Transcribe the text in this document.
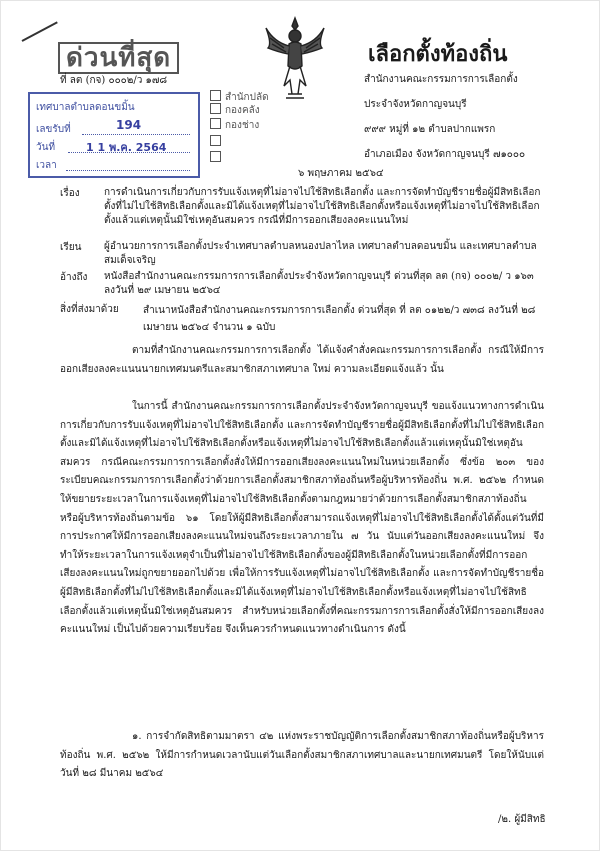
ด่วนที่สุด
ที่ ลต (กจ) ๐๐๐๒/ว ๑๗๘
เลือกตั้งท้องถิ่น
สำนักงานคณะกรรมการการเลือกตั้ง
ประจำจังหวัดกาญจนบุรี
๙๙๙ หมู่ที่ ๑๒ ตำบลปากแพรก
อำเภอเมือง จังหวัดกาญจนบุรี ๗๑๐๐๐
เทศบาลตำบลดอนขมิ้น
เลขรับที่	194
วันที่	1 1 พ.ค. 2564
เวลา
สำนักปลัด
กองคลัง
กองช่าง
๖ พฤษภาคม ๒๕๖๔
เรื่อง การดำเนินการเกี่ยวกับการรับแจ้งเหตุที่ไม่อาจไปใช้สิทธิเลือกตั้ง และการจัดทำบัญชีรายชื่อผู้มีสิทธิเลือกตั้งที่ไม่ไปใช้สิทธิเลือกตั้งและมิได้แจ้งเหตุที่ไม่อาจไปใช้สิทธิเลือกตั้งหรือแจ้งเหตุที่ไม่อาจไปใช้สิทธิเลือกตั้งแล้วแต่เหตุนั้นมิใช่เหตุอันสมควร กรณีที่มีการออกเสียงลงคะแนนใหม่
เรียน ผู้อำนวยการการเลือกตั้งประจำเทศบาลตำบลหนองปลาไหล เทศบาลตำบลดอนขมิ้น และเทศบาลตำบลสมเด็จเจริญ
อ้างถึง หนังสือสำนักงานคณะกรรมการการเลือกตั้งประจำจังหวัดกาญจนบุรี ด่วนที่สุด ลต (กจ) ๐๐๐๒/ ว ๑๖๓ ลงวันที่ ๒๙ เมษายน ๒๕๖๔
สิ่งที่ส่งมาด้วย สำเนาหนังสือสำนักงานคณะกรรมการการเลือกตั้ง ด่วนที่สุด ที่ ลต ๐๑๒๒/ว ๗๓๘ ลงวันที่ ๒๘ เมษายน ๒๕๖๔ จำนวน ๑ ฉบับ
ตามที่สำนักงานคณะกรรมการการเลือกตั้ง ได้แจ้งคำสั่งคณะกรรมการการเลือกตั้ง กรณีให้มีการออกเสียงลงคะแนนนายกเทศมนตรีและสมาชิกสภาเทศบาล ใหม่ ความละเอียดแจ้งแล้ว นั้น
ในการนี้ สำนักงานคณะกรรมการการเลือกตั้งประจำจังหวัดกาญจนบุรี ขอแจ้งแนวทางการดำเนินการเกี่ยวกับการรับแจ้งเหตุที่ไม่อาจไปใช้สิทธิเลือกตั้ง และการจัดทำบัญชีรายชื่อผู้มีสิทธิเลือกตั้งที่ไม่ไปใช้สิทธิเลือกตั้งและมิได้แจ้งเหตุที่ไม่อาจไปใช้สิทธิเลือกตั้งหรือแจ้งเหตุที่ไม่อาจไปใช้สิทธิเลือกตั้งแล้วแต่เหตุนั้นมิใช่เหตุอันสมควร กรณีคณะกรรมการการเลือกตั้งสั่งให้มีการออกเสียงลงคะแนนใหม่ในหน่วยเลือกตั้ง ซึ่งข้อ ๒๐๓ ของระเบียบคณะกรรมการการเลือกตั้งว่าด้วยการเลือกตั้งสมาชิกสภาท้องถิ่นหรือผู้บริหารท้องถิ่น พ.ศ. ๒๕๖๒ กำหนดให้ขยายระยะเวลาในการแจ้งเหตุที่ไม่อาจไปใช้สิทธิเลือกตั้งตามกฎหมายว่าด้วยการเลือกตั้งสมาชิกสภาท้องถิ่นหรือผู้บริหารท้องถิ่นตามข้อ ๖๑ โดยให้ผู้มีสิทธิเลือกตั้งสามารถแจ้งเหตุที่ไม่อาจไปใช้สิทธิเลือกตั้งได้ตั้งแต่วันที่มีการประกาศให้มีการออกเสียงลงคะแนนใหม่จนถึงระยะเวลาภายใน ๗ วัน นับแต่วันออกเสียงลงคะแนนใหม่ จึงทำให้ระยะเวลาในการแจ้งเหตุจำเป็นที่ไม่อาจไปใช้สิทธิเลือกตั้งของผู้มีสิทธิเลือกตั้งในหน่วยเลือกตั้งที่มีการออกเสียงลงคะแนนใหม่ถูกขยายออกไปด้วย เพื่อให้การรับแจ้งเหตุที่ไม่อาจไปใช้สิทธิเลือกตั้ง และการจัดทำบัญชีรายชื่อผู้มีสิทธิเลือกตั้งที่ไม่ไปใช้สิทธิเลือกตั้งและมิได้แจ้งเหตุที่ไม่อาจไปใช้สิทธิเลือกตั้งหรือแจ้งเหตุที่ไม่อาจไปใช้สิทธิเลือกตั้งแล้วแต่เหตุนั้นมิใช่เหตุอันสมควร สำหรับหน่วยเลือกตั้งที่คณะกรรมการการเลือกตั้งสั่งให้มีการออกเสียงลงคะแนนใหม่ เป็นไปด้วยความเรียบร้อย จึงเห็นควรกำหนดแนวทางดำเนินการ ดังนี้
๑. การจำกัดสิทธิตามมาตรา ๔๒ แห่งพระราชบัญญัติการเลือกตั้งสมาชิกสภาท้องถิ่นหรือผู้บริหารท้องถิ่น พ.ศ. ๒๕๖๒ ให้มีการกำหนดเวลานับแต่วันเลือกตั้งสมาชิกสภาเทศบาลและนายกเทศมนตรี โดยให้นับแต่วันที่ ๒๘ มีนาคม ๒๕๖๔
/๒. ผู้มีสิทธิ
